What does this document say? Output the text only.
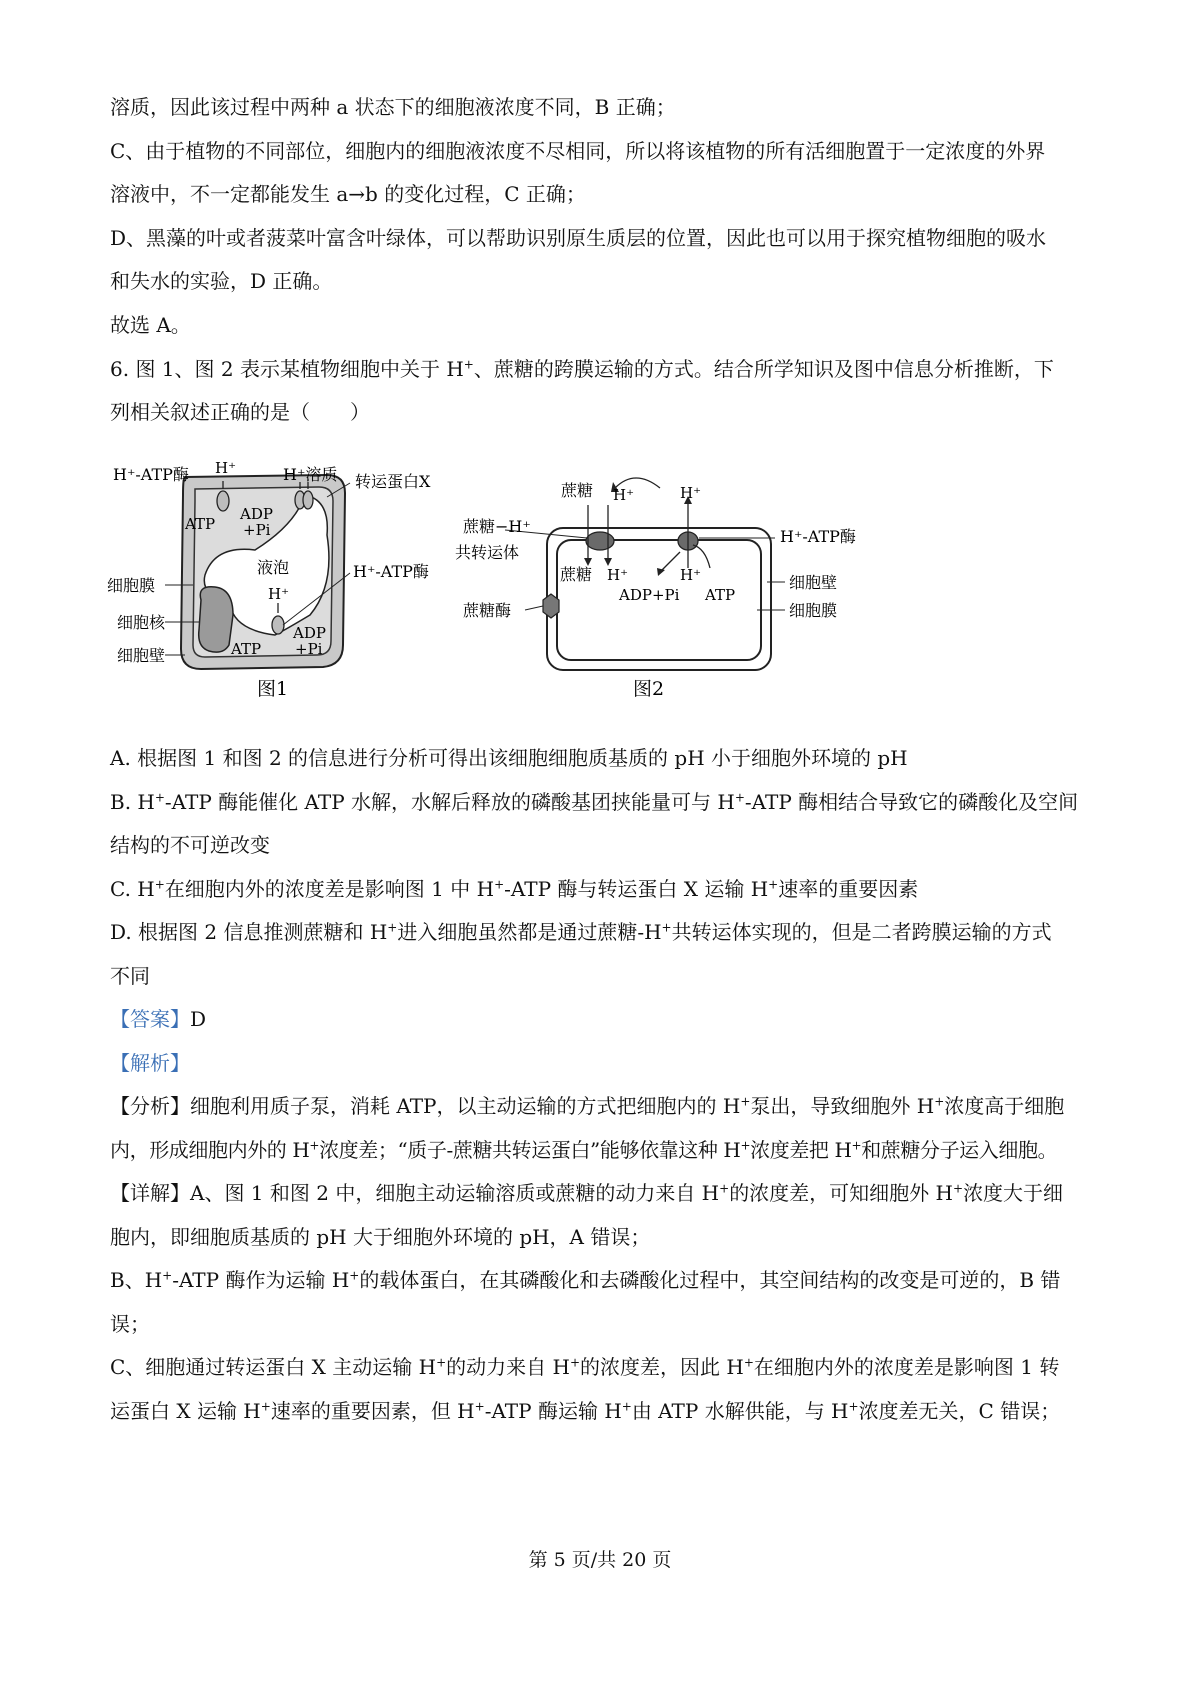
溶质，因此该过程中两种 a 状态下的细胞液浓度不同，B 正确；
C、由于植物的不同部位，细胞内的细胞液浓度不尽相同，所以将该植物的所有活细胞置于一定浓度的外界
溶液中，不一定都能发生 a→b 的变化过程，C 正确；
D、黑藻的叶或者菠菜叶富含叶绿体，可以帮助识别原生质层的位置，因此也可以用于探究植物细胞的吸水
和失水的实验，D 正确。
故选 A。
6. 图 1、图 2 表示某植物细胞中关于 H+、蔗糖的跨膜运输的方式。结合所学知识及图中信息分析推断，下
列相关叙述正确的是（　　）
H⁺-ATP酶 H⁺	H⁺溶质 转运蛋白X
ATP
ADP
+Pi
液泡
H⁺
H⁺-ATP酶
细胞膜
细胞核
细胞壁	ATP
ADP
+Pi
图1
蔗糖 H⁺	H⁺
蔗糖−H⁺
共转运体
H⁺-ATP酶
蔗糖 H⁺	H⁺
ADP+Pi ATP
细胞壁
蔗糖酶	细胞膜
图2
A. 根据图 1 和图 2 的信息进行分析可得出该细胞细胞质基质的 pH 小于细胞外环境的 pH
B. H+-ATP 酶能催化 ATP 水解，水解后释放的磷酸基团挟能量可与 H+-ATP 酶相结合导致它的磷酸化及空间
结构的不可逆改变
C. H+在细胞内外的浓度差是影响图 1 中 H+-ATP 酶与转运蛋白 X 运输 H+速率的重要因素
D. 根据图 2 信息推测蔗糖和 H+进入细胞虽然都是通过蔗糖-H+共转运体实现的，但是二者跨膜运输的方式
不同
【答案】D
【解析】
【分析】细胞利用质子泵，消耗 ATP，以主动运输的方式把细胞内的 H+泵出，导致细胞外 H+浓度高于细胞
内，形成细胞内外的 H+浓度差；“质子-蔗糖共转运蛋白”能够依靠这种 H+浓度差把 H+和蔗糖分子运入细胞。
【详解】A、图 1 和图 2 中，细胞主动运输溶质或蔗糖的动力来自 H+的浓度差，可知细胞外 H+浓度大于细
胞内，即细胞质基质的 pH 大于细胞外环境的 pH，A 错误；
B、H+-ATP 酶作为运输 H+的载体蛋白，在其磷酸化和去磷酸化过程中，其空间结构的改变是可逆的，B 错
误；
C、细胞通过转运蛋白 X 主动运输 H+的动力来自 H+的浓度差，因此 H+在细胞内外的浓度差是影响图 1 转
运蛋白 X 运输 H+速率的重要因素，但 H+-ATP 酶运输 H+由 ATP 水解供能，与 H+浓度差无关，C 错误；
第 5 页/共 20 页
